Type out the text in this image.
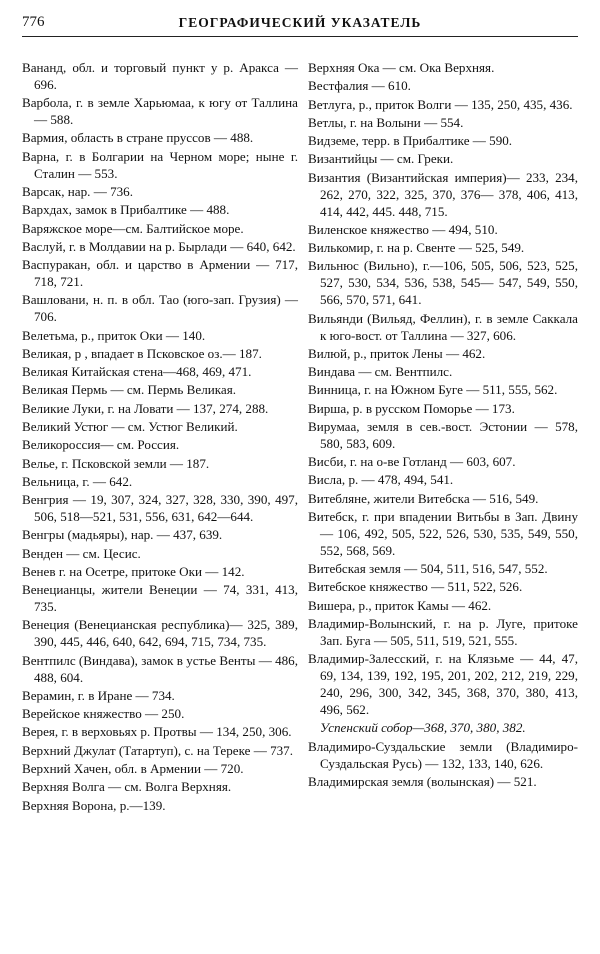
776	ГЕОГРАФИЧЕСКИЙ УКАЗАТЕЛЬ
Вананд, обл. и торговый пункт у р. Аракса — 696.
Варбола, г. в земле Харьюмаа, к югу от Таллина — 588.
Вармия, область в стране пруссов — 488.
Варна, г. в Болгарии на Черном море; ныне г. Сталин — 553.
Варсак, нар. — 736.
Вархдах, замок в Прибалтике — 488.
Варяжское море—см. Балтийское море.
Васлуй, г. в Молдавии на р. Бырлади — 640, 642.
Васпуракан, обл. и царство в Армении — 717, 718, 721.
Вашловани, н. п. в обл. Тао (юго-зап. Грузия) — 706.
Велетьма, р., приток Оки — 140.
Великая, р , впадает в Псковское оз.— 187.
Великая Китайская стена—468, 469, 471.
Великая Пермь — см. Пермь Великая.
Великие Луки, г. на Ловати — 137, 274, 288.
Великий Устюг — см. Устюг Великий.
Великороссия— см. Россия.
Велье, г. Псковской земли — 187.
Вельница, г. — 642.
Венгрия — 19, 307, 324, 327, 328, 330, 390, 497, 506, 518—521, 531, 556, 631, 642—644.
Венгры (мадьяры), нар. — 437, 639.
Венден — см. Цесис.
Венев г. на Осетре, притоке Оки — 142.
Венецианцы, жители Венеции — 74, 331, 413, 735.
Венеция (Венецианская республика)— 325, 389, 390, 445, 446, 640, 642, 694, 715, 734, 735.
Вентпилс (Виндава), замок в устье Венты — 486, 488, 604.
Верамин, г. в Иране — 734.
Верейское княжество — 250.
Верея, г. в верховьях р. Протвы — 134, 250, 306.
Верхний Джулат (Татартуп), с. на Тереке — 737.
Верхний Хачен, обл. в Армении — 720.
Верхняя Волга — см. Волга Верхняя.
Верхняя Ворона, р.—139.
Верхняя Ока — см. Ока Верхняя.
Вестфалия — 610.
Ветлуга, р., приток Волги — 135, 250, 435, 436.
Ветлы, г. на Волыни — 554.
Видземе, терр. в Прибалтике — 590.
Византийцы — см. Греки.
Византия (Византийская империя)— 233, 234, 262, 270, 322, 325, 370, 376— 378, 406, 413, 414, 442, 445. 448, 715.
Виленское княжество — 494, 510.
Вилькомир, г. на р. Свенте — 525, 549.
Вильнюс (Вильно), г.—106, 505, 506, 523, 525, 527, 530, 534, 536, 538, 545— 547, 549, 550, 566, 570, 571, 641.
Вильянди (Вильяд, Феллин), г. в земле Саккала к юго-вост. от Таллина — 327, 606.
Вилюй, р., приток Лены — 462.
Виндава — см. Вентпилс.
Винница, г. на Южном Буге — 511, 555, 562.
Вирша, р. в русском Поморье — 173.
Вирумаа, земля в сев.-вост. Эстонии — 578, 580, 583, 609.
Висби, г. на о-ве Готланд — 603, 607.
Висла, р. — 478, 494, 541.
Витебляне, жители Витебска — 516, 549.
Витебск, г. при впадении Витьбы в Зап. Двину — 106, 492, 505, 522, 526, 530, 535, 549, 550, 552, 568, 569.
Витебская земля — 504, 511, 516, 547, 552.
Витебское княжество — 511, 522, 526.
Вишера, р., приток Камы — 462.
Владимир-Волынский, г. на р. Луге, притоке Зап. Буга — 505, 511, 519, 521, 555.
Владимир-Залесский, г. на Клязьме — 44, 47, 69, 134, 139, 192, 195, 201, 202, 212, 219, 229, 240, 296, 300, 342, 345, 368, 370, 380, 413, 496, 562.
Успенский собор—368, 370, 380, 382.
Владимиро-Суздальские земли (Владимиро-Суздальская Русь) — 132, 133, 140, 626.
Владимирская земля (волынская) — 521.
